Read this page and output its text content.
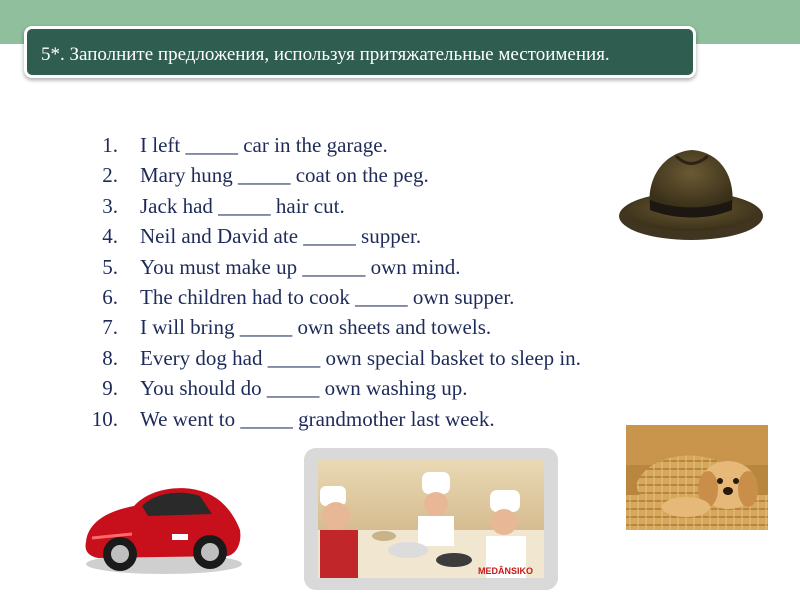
5*. Заполните предложения, используя притяжательные местоимения.
1.	I left _____ car in the garage.
2.	Mary hung _____ coat on the peg.
3.	Jack had _____ hair cut.
4.	Neil and David ate _____ supper.
5.	You must make up ______ own mind.
6.	The children had to cook _____ own supper.
7.	I will bring _____ own sheets and towels.
8.	Every dog had _____ own special basket to sleep in.
9.	You should do _____ own washing up.
10.	We went to _____ grandmother last week.
MEDÂNSIKO
